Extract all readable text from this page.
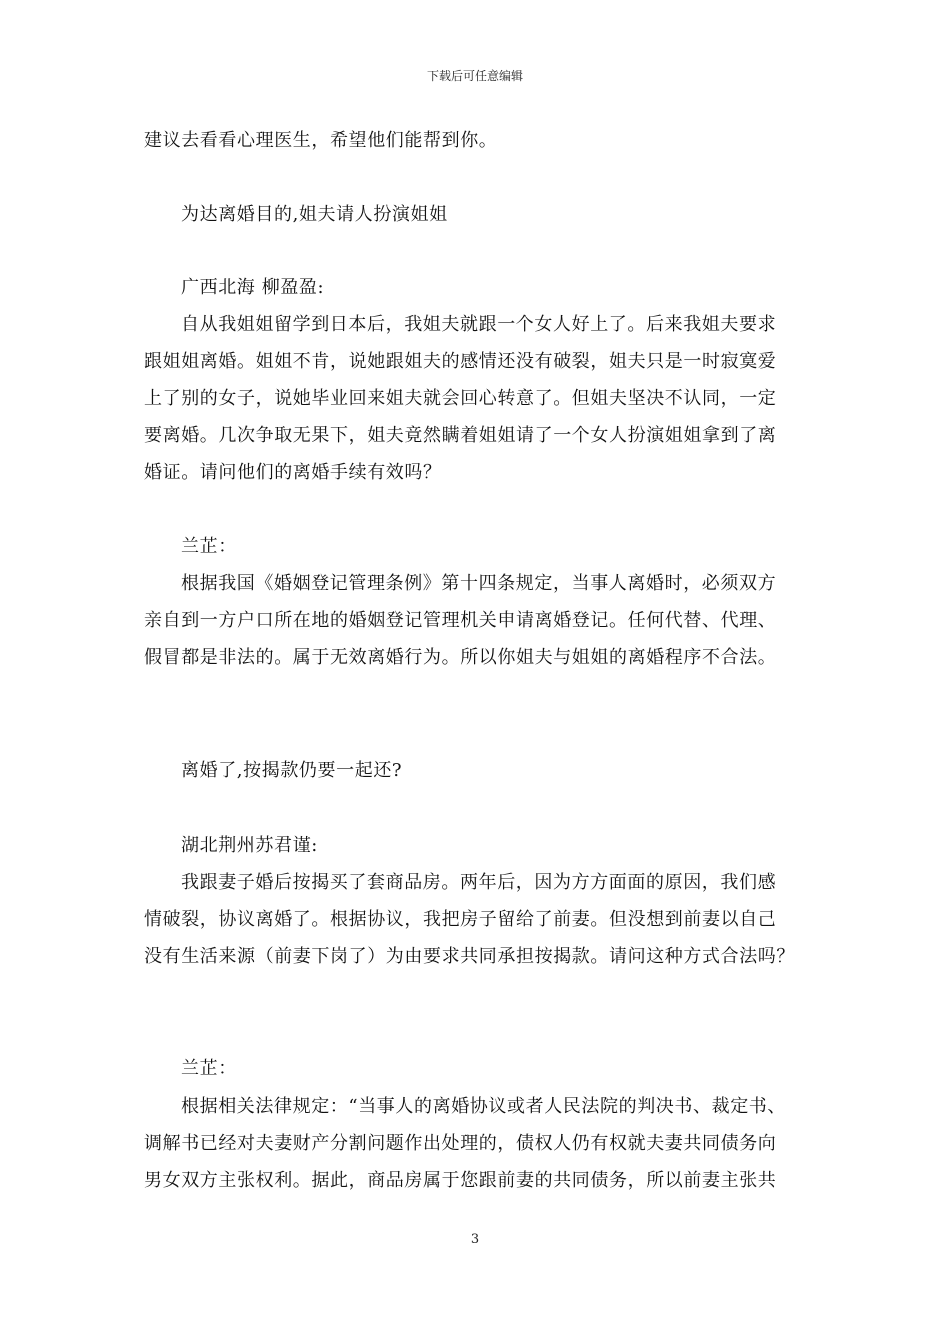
下载后可任意编辑
建议去看看心理医生，希望他们能帮到你。
为达离婚目的,姐夫请人扮演姐姐
广西北海 柳盈盈:
自从我姐姐留学到日本后，我姐夫就跟一个女人好上了。后来我姐夫要求
跟姐姐离婚。姐姐不肯，说她跟姐夫的感情还没有破裂，姐夫只是一时寂寞爱
上了别的女子，说她毕业回来姐夫就会回心转意了。但姐夫坚决不认同，一定
要离婚。几次争取无果下，姐夫竟然瞒着姐姐请了一个女人扮演姐姐拿到了离
婚证。请问他们的离婚手续有效吗？
兰芷：
根据我国《婚姻登记管理条例》第十四条规定，当事人离婚时，必须双方
亲自到一方户口所在地的婚姻登记管理机关申请离婚登记。任何代替、代理、
假冒都是非法的。属于无效离婚行为。所以你姐夫与姐姐的离婚程序不合法。
离婚了,按揭款仍要一起还?
湖北荆州苏君谨:
我跟妻子婚后按揭买了套商品房。两年后，因为方方面面的原因，我们感
情破裂，协议离婚了。根据协议，我把房子留给了前妻。但没想到前妻以自己
没有生活来源（前妻下岗了）为由要求共同承担按揭款。请问这种方式合法吗？
兰芷：
根据相关法律规定：“当事人的离婚协议或者人民法院的判决书、裁定书、
调解书已经对夫妻财产分割问题作出处理的，债权人仍有权就夫妻共同债务向
男女双方主张权利。据此，商品房属于您跟前妻的共同债务，所以前妻主张共
3
